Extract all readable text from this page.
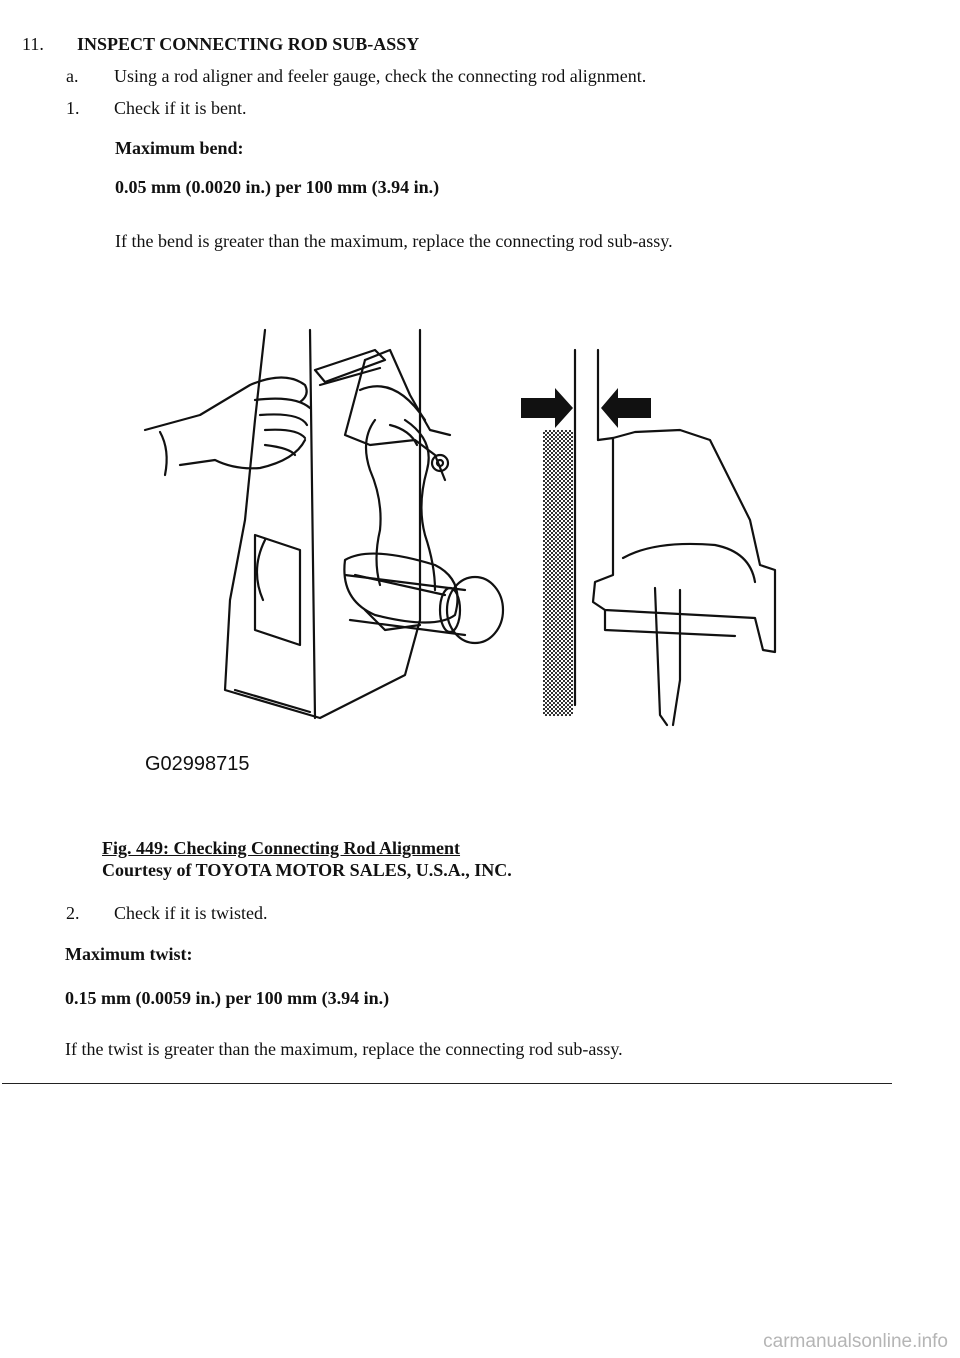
11. INSPECT CONNECTING ROD SUB-ASSY
a. Using a rod aligner and feeler gauge, check the connecting rod alignment.
1. Check if it is bent.
Maximum bend:
0.05 mm (0.0020 in.) per 100 mm (3.94 in.)
If the bend is greater than the maximum, replace the connecting rod sub-assy.
G02998715
Fig. 449: Checking Connecting Rod Alignment
Courtesy of TOYOTA MOTOR SALES, U.S.A., INC.
2. Check if it is twisted.
Maximum twist:
0.15 mm (0.0059 in.) per 100 mm (3.94 in.)
If the twist is greater than the maximum, replace the connecting rod sub-assy.
carmanualsonline.info
